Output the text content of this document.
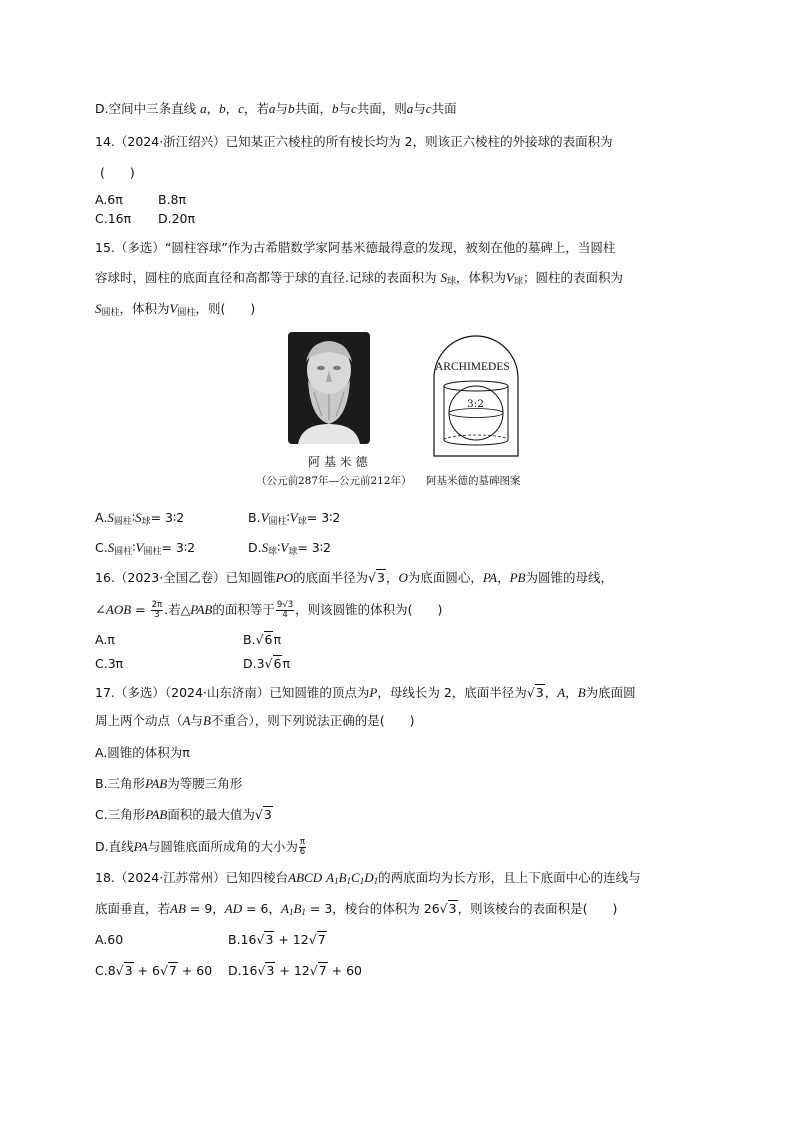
D.空间中三条直线 a，b，c，若a与b共面，b与c共面，则a与c共面
14.（2024·浙江绍兴）已知某正六棱柱的所有棱长均为 2，则该正六棱柱的外接球的表面积为
(　　)
A.6π	B.8π
C.16π D.20π
15.（多选）“圆柱容球”作为古希腊数学家阿基米德最得意的发现，被刻在他的墓碑上，当圆柱
容球时，圆柱的底面直径和高都等于球的直径.记球的表面积为 $S_球$，体积为$V_球$；圆柱的表面积为
$S_{圆柱}$，体积为$V_{圆柱}$，则(　　)
阿 基 米 德
（公元前287年—公元前212年）
ARCHIMEDES
3:2
阿基米德的墓碑图案
$A.S_{圆柱}∶S_球=$ 3∶2	$B.V_{圆柱}∶V_球=$ 3∶2
$C.S_{圆柱}∶V_{圆柱}=$ 3∶2	$D.S_球∶V_球=$ 3∶2
16.（2023·全国乙卷）已知圆锥PO的底面半径为√3，O为底面圆心，PA，PB为圆锥的母线，
∠AOB = $\frac{2\pi}{3}$ .若△PAB的面积等于 $\frac{9√3}{4}$ ，则该圆锥的体积为(　　)
A.π	B.√6π
C.3π	D.3√6π
17.（多选）（2024·山东济南）已知圆锥的顶点为P，母线长为 2，底面半径为√3，A，B为底面圆
周上两个动点（A与B不重合），则下列说法正确的是(　　)
A.圆锥的体积为π
B.三角形PAB为等腰三角形
C.三角形PAB面积的最大值为√3
D.直线PA与圆锥底面所成角的大小为 $\frac{\pi}{6}$
18.（2024·江苏常州）已知四棱台ABCD $A_1B_1C_1D_1$的两底面均为长方形，且上下底面中心的连线与
底面垂直，若AB = 9，AD = 6，$A_1B_1 = 3$，棱台的体积为 26√3，则该棱台的表面积是(　　)
A.60	B.16√3 + 12√7
C.8√3 + 6√7 + 60 D.16√3 + 12√7 + 60
